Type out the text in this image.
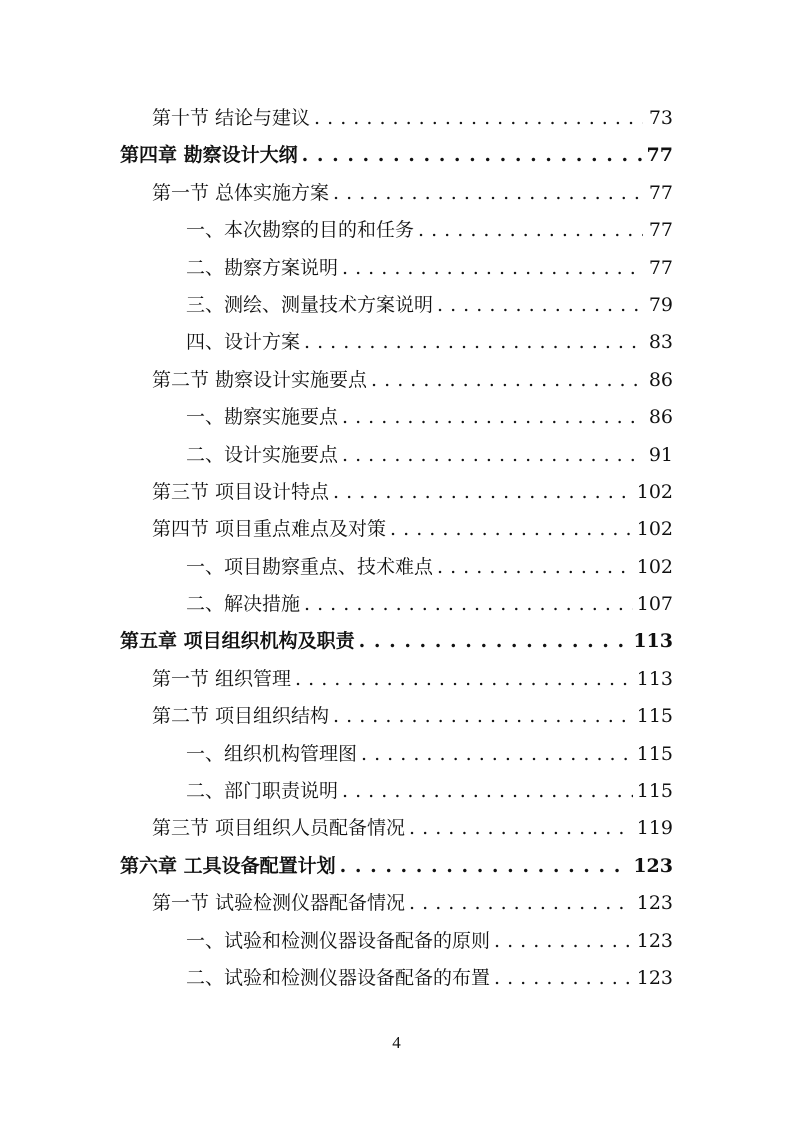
第十节 结论与建议 . . .	73
第四章 勘察设计大纲 . . .	77
第一节 总体实施方案 . . .	77
一、本次勘察的目的和任务 . . .	77
二、勘察方案说明 . . .	77
三、测绘、测量技术方案说明 . . .	79
四、设计方案 . . .	83
第二节 勘察设计实施要点 . . .	86
一、勘察实施要点 . . .	86
二、设计实施要点 . . .	91
第三节 项目设计特点 . . .	102
第四节 项目重点难点及对策 . . .	102
一、项目勘察重点、技术难点 . . .	102
二、解决措施 . . .	107
第五章 项目组织机构及职责 . . .	113
第一节 组织管理 . . .	113
第二节 项目组织结构 . . .	115
一、组织机构管理图 . . .	115
二、部门职责说明 . . .	115
第三节 项目组织人员配备情况 . . .	119
第六章 工具设备配置计划 . . .	123
第一节 试验检测仪器配备情况 . . .	123
一、试验和检测仪器设备配备的原则 . . .	123
二、试验和检测仪器设备配备的布置 . . .	123
4
